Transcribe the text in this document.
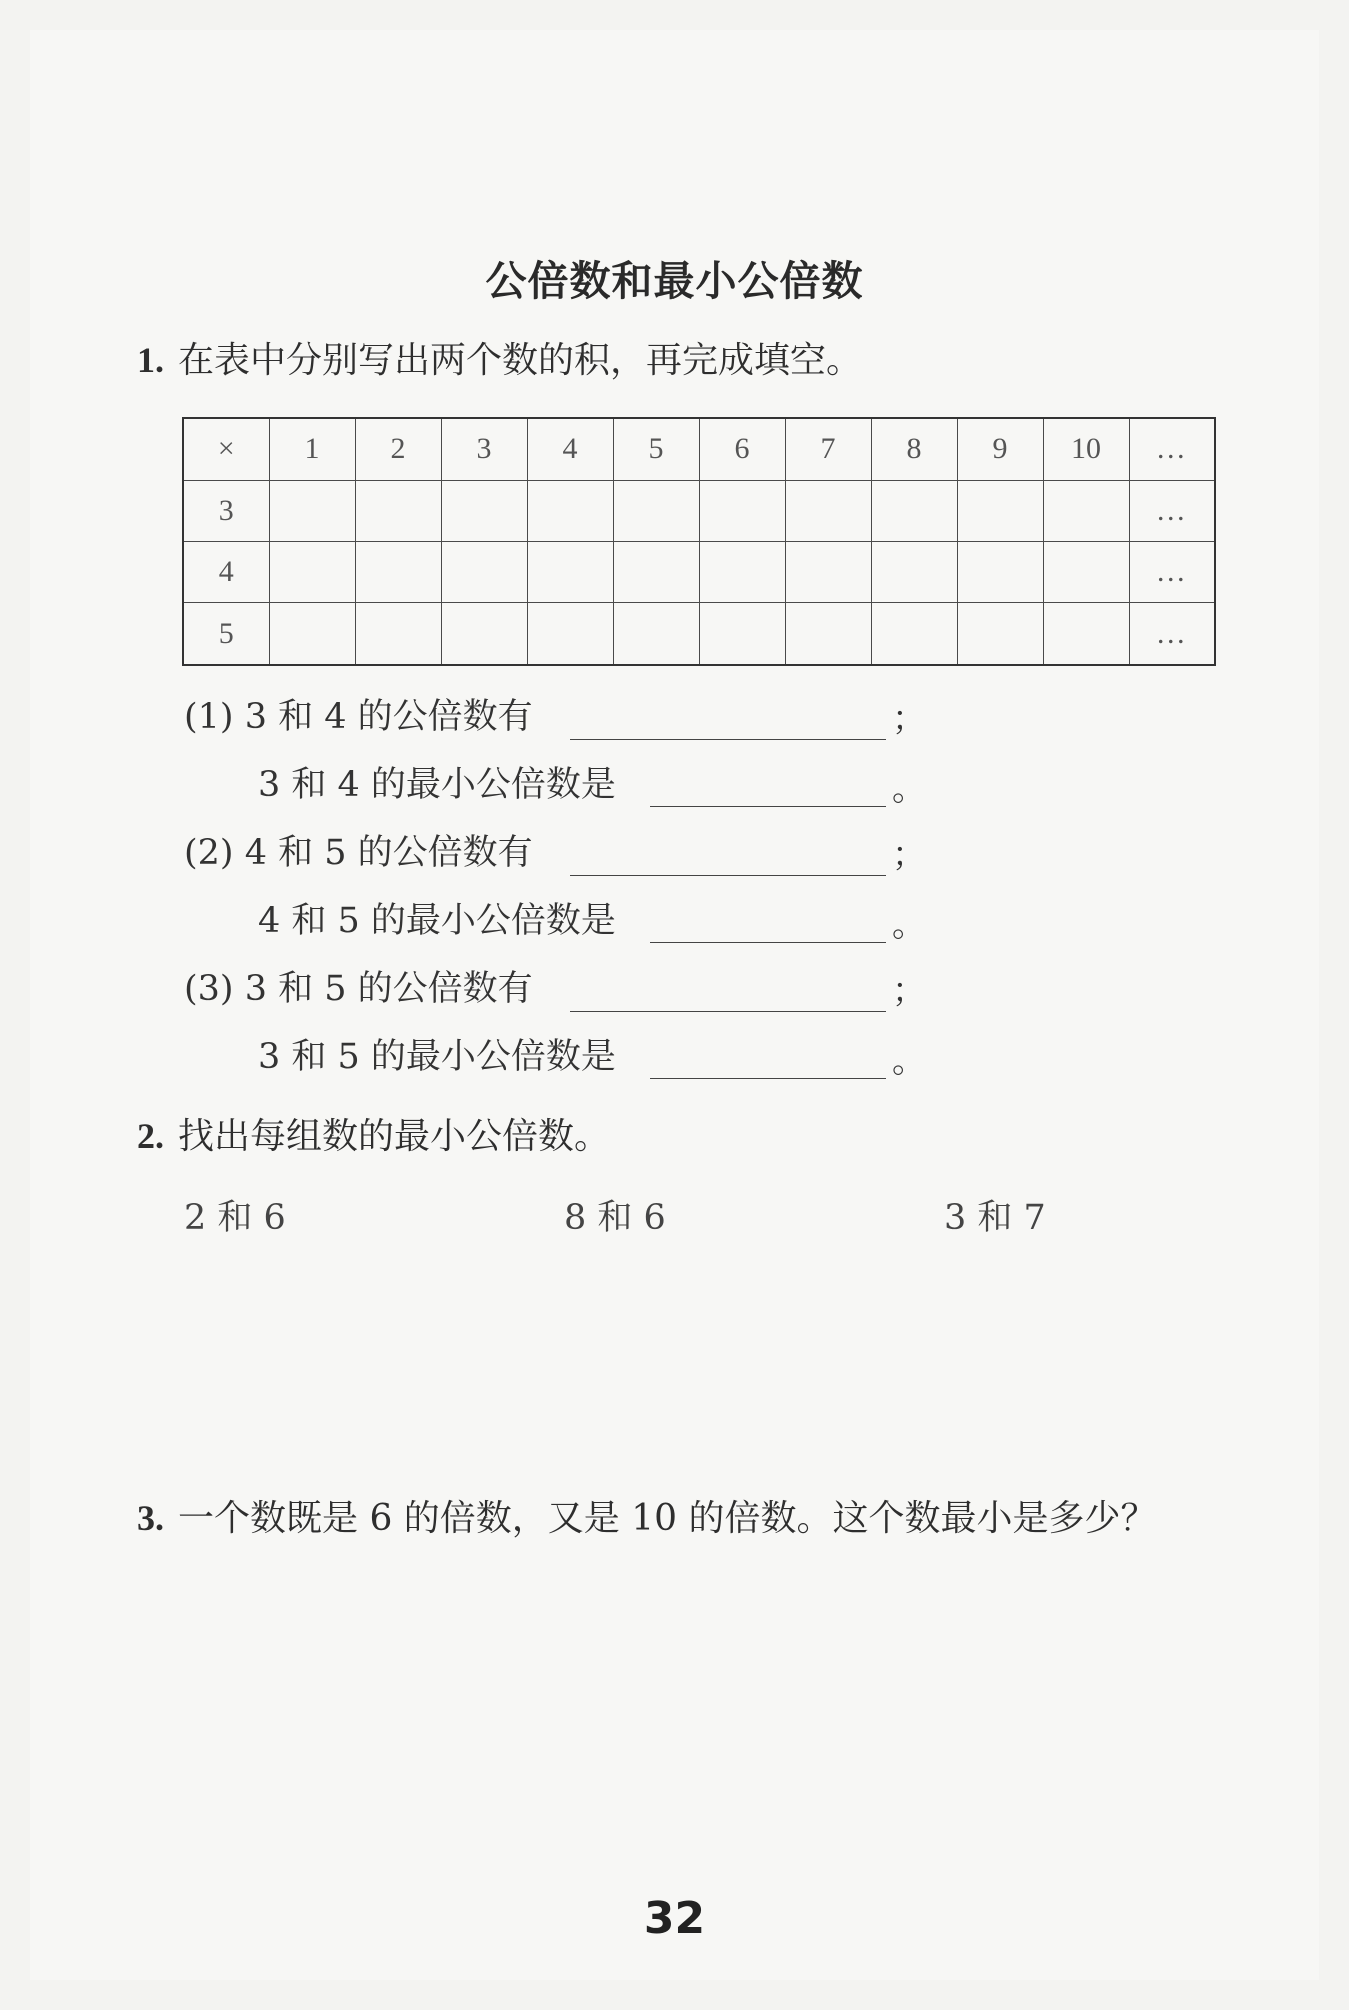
公倍数和最小公倍数
1. 在表中分别写出两个数的积，再完成填空。
×	1	2	3	4	5	6	7	8	9	10	…
3											…
4											…
5											…
(1) 3 和 4 的公倍数有	；
3 和 4 的最小公倍数是	。
(2) 4 和 5 的公倍数有	；
4 和 5 的最小公倍数是	。
(3) 3 和 5 的公倍数有	；
3 和 5 的最小公倍数是	。
2. 找出每组数的最小公倍数。
2 和 6	8 和 6	3 和 7
3. 一个数既是 6 的倍数，又是 10 的倍数。这个数最小是多少？
32
